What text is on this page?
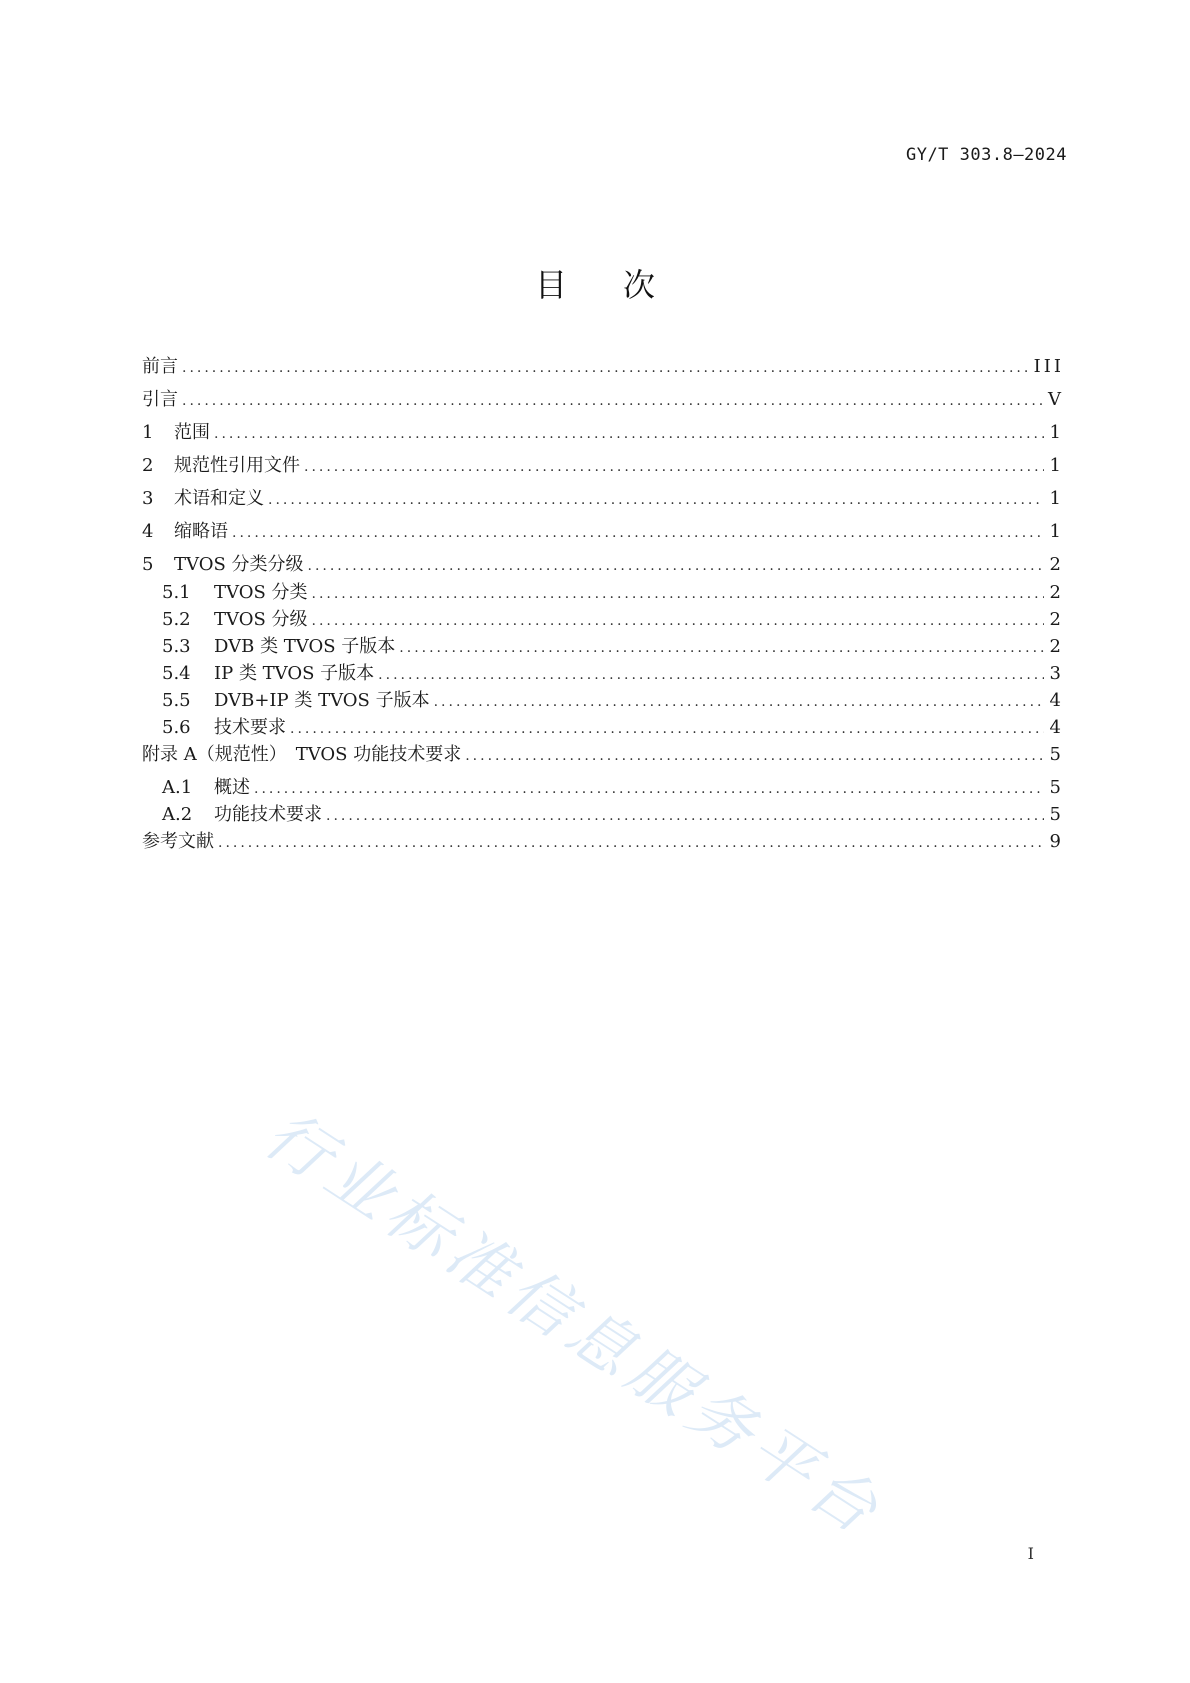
GY/T 303.8—2024
目次
前言 .....	III
引言 .....	V
1	范围 .....	1
2	规范性引用文件 .....	1
3	术语和定义 .....	1
4	缩略语 .....	1
5	TVOS 分类分级 .....	2
5.1	TVOS 分类 .....	2
5.2	TVOS 分级 .....	2
5.3	DVB 类 TVOS 子版本 .....	2
5.4	IP 类 TVOS 子版本 .....	3
5.5	DVB+IP 类 TVOS 子版本 .....	4
5.6	技术要求 .....	4
附录 A（规范性）　TVOS 功能技术要求 .....	5
A.1	概述 .....	5
A.2	功能技术要求 .....	5
参考文献 .....	9
行业标准信息服务平台
I
